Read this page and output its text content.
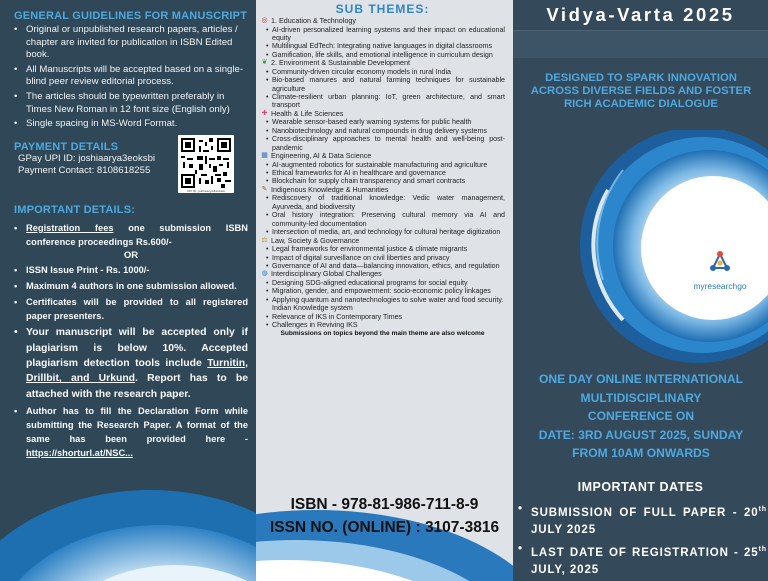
GENERAL GUIDELINES FOR MANUSCRIPT
• Original or unpublished research papers, articles / chapter are invited for publication in ISBN Edited book.
• All Manuscripts will be accepted based on a single-blind peer review editorial process.
• The articles should be typewritten preferably in Times New Roman in 12 font size (English only)
• Single spacing in MS-Word Format.
PAYMENT DETAILS
GPay UPI ID: joshiaarya3eoksbi
Payment Contact: 8108618255
UPI ID: joshiaarya3eoksbi
IMPORTANT DETAILS:
• Registration fees one submission ISBN conference proceedings Rs.600/-
OR
• ISSN Issue Print - Rs. 1000/-
• Maximum 4 authors in one submission allowed.
• Certificates will be provided to all registered paper presenters.
• Your manuscript will be accepted only if plagiarism is below 10%. Accepted plagiarism detection tools include Turnitin, Drillbit, and Urkund. Report has to be attached with the research paper.
• Author has to fill the Declaration Form while submitting the Research Paper. A format of the same has been provided here - https://shorturl.at/NSC...
SUB THEMES:
◎ 1. Education & Technology
• AI-driven personalized learning systems and their impact on educational equity
• Multilingual EdTech: Integrating native languages in digital classrooms
• Gamification, life skills, and emotional intelligence in curriculum design
❦ 2. Environment & Sustainable Development
• Community-driven circular economy models in rural India
• Bio-based manures and natural farming techniques for sustainable agriculture
• Climate-resilient urban planning: IoT, green architecture, and smart transport
✚ Health & Life Sciences
• Wearable sensor-based early warning systems for public health
• Nanobiotechnology and natural compounds in drug delivery systems
• Cross-disciplinary approaches to mental health and well-being post-pandemic
▦ Engineering, AI & Data Science
• AI-augmented robotics for sustainable manufacturing and agriculture
• Ethical frameworks for AI in healthcare and governance
• Blockchain for supply chain transparency and smart contracts
✎ Indigenous Knowledge & Humanities
• Rediscovery of traditional knowledge: Vedic water management, Ayurveda, and biodiversity
• Oral history integration: Preserving cultural memory via AI and community-led documentation
• Intersection of media, art, and technology for cultural heritage digitization
⚖ Law, Society & Governance
• Legal frameworks for environmental justice & climate migrants
• Impact of digital surveillance on civil liberties and privacy
• Governance of AI and data—balancing innovation, ethics, and regulation
◍ Interdisciplinary Global Challenges
• Designing SDG-aligned educational programs for social equity
• Migration, gender, and empowerment: socio-economic policy linkages
• Applying quantum and nanotechnologies to solve water and food security.
Indian Knowledge system
• Relevance of IKS in Contemporary Times
• Challenges in Reviving IKS
Submissions on topics beyond the main theme are also welcome
ISBN - 978-81-986-711-8-9
ISSN NO. (ONLINE) : 3107-3816
Vidya-Varta 2025
DESIGNED TO SPARK INNOVATION ACROSS DIVERSE FIELDS AND FOSTER RICH ACADEMIC DIALOGUE
myresearchgo
ONE DAY ONLINE INTERNATIONAL
MULTIDISCIPLINARY
CONFERENCE ON
DATE: 3RD AUGUST 2025, SUNDAY
FROM 10AM ONWARDS
IMPORTANT DATES
• SUBMISSION OF FULL PAPER - 20th JULY 2025
• LAST DATE OF REGISTRATION - 25th JULY, 2025
